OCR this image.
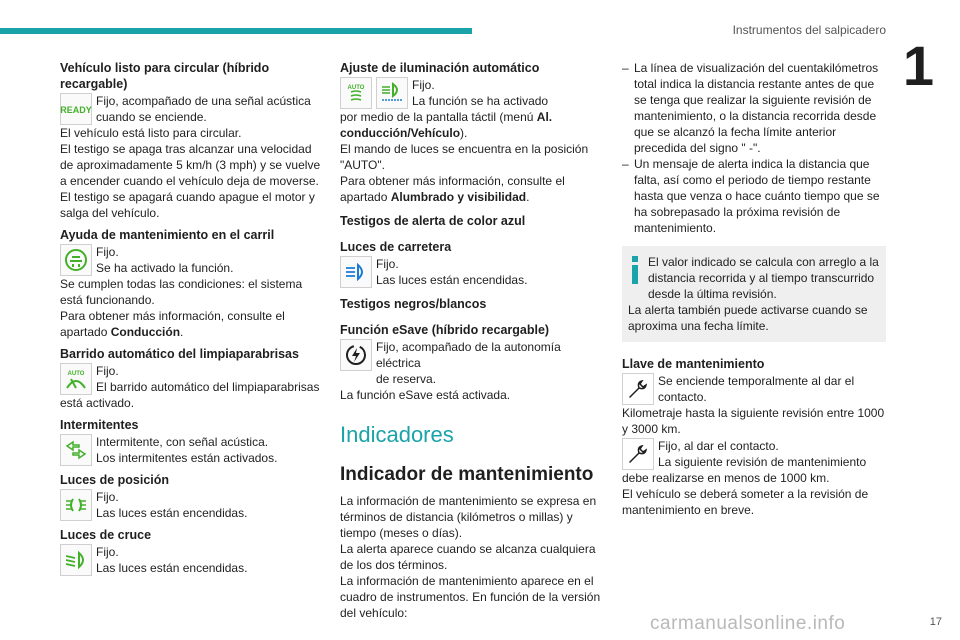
Instrumentos del salpicadero
1
Vehículo listo para circular (híbrido recargable)
READY
Fijo, acompañado de una señal acústica
cuando se enciende.
El vehículo está listo para circular.
El testigo se apaga tras alcanzar una velocidad de aproximadamente 5 km/h (3 mph) y se vuelve a encender cuando el vehículo deja de moverse.
El testigo se apagará cuando apague el motor y salga del vehículo.
Ayuda de mantenimiento en el carril
Fijo.
Se ha activado la función.
Se cumplen todas las condiciones: el sistema está funcionando.
Para obtener más información, consulte el apartado Conducción.
Barrido automático del limpiaparabrisas
AUTO Fijo.
El barrido automático del limpiaparabrisas
está activado.
Intermitentes
Intermitente, con señal acústica.
Los intermitentes están activados.
Luces de posición
Fijo.
Las luces están encendidas.
Luces de cruce
Fijo.
Las luces están encendidas.
Ajuste de iluminación automático
AUTO	Fijo.
La función se ha activado
por medio de la pantalla táctil (menú Al. conducción/Vehículo).
El mando de luces se encuentra en la posición "AUTO".
Para obtener más información, consulte el apartado Alumbrado y visibilidad.
Testigos de alerta de color azul
Luces de carretera
Fijo.
Las luces están encendidas.
Testigos negros/blancos
Función eSave (híbrido recargable)
Fijo, acompañado de la autonomía eléctrica
de reserva.
La función eSave está activada.
Indicadores
Indicador de mantenimiento
La información de mantenimiento se expresa en términos de distancia (kilómetros o millas) y tiempo (meses o días).
La alerta aparece cuando se alcanza cualquiera de los dos términos.
La información de mantenimiento aparece en el cuadro de instrumentos. En función de la versión del vehículo:
– La línea de visualización del cuentakilómetros total indica la distancia restante antes de que se tenga que realizar la siguiente revisión de mantenimiento, o la distancia recorrida desde que se alcanzó la fecha límite anterior precedida del signo " -".
– Un mensaje de alerta indica la distancia que falta, así como el periodo de tiempo restante hasta que venza o hace cuánto tiempo que se ha sobrepasado la próxima revisión de mantenimiento.
El valor indicado se calcula con arreglo a la distancia recorrida y al tiempo transcurrido desde la última revisión.
La alerta también puede activarse cuando se aproxima una fecha límite.
Llave de mantenimiento
Se enciende temporalmente al dar el
contacto.
Kilometraje hasta la siguiente revisión entre 1000 y 3000 km.
Fijo, al dar el contacto.
La siguiente revisión de mantenimiento
debe realizarse en menos de 1000 km.
El vehículo se deberá someter a la revisión de mantenimiento en breve.
carmanualsonline.info	17
